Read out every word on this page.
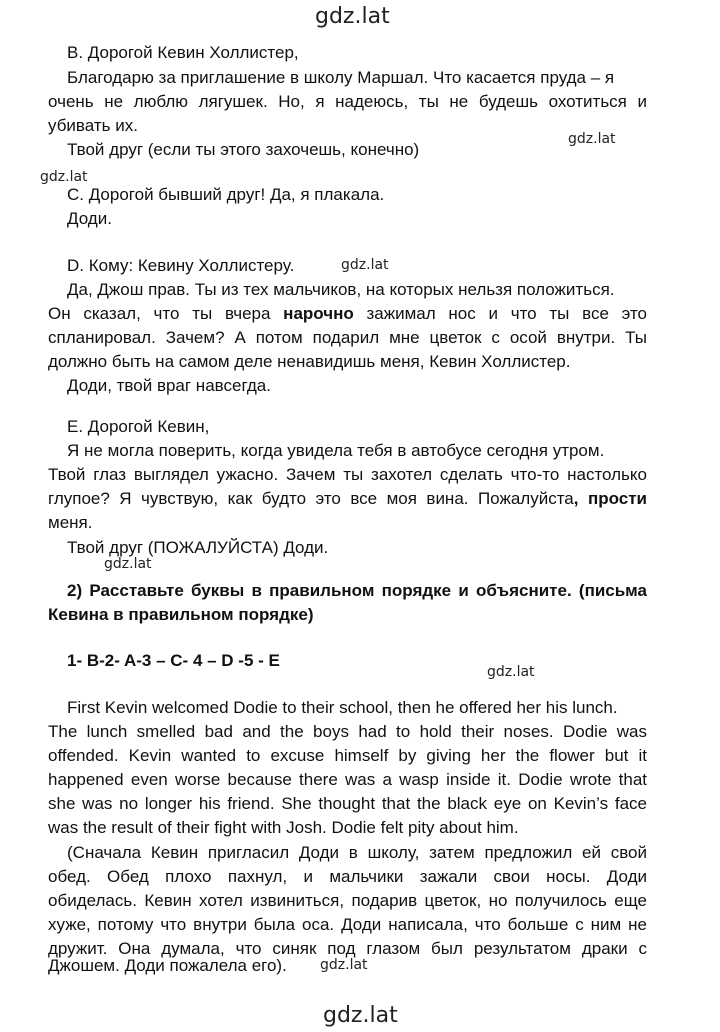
gdz.lat
gdz.lat
gdz.lat
gdz.lat
gdz.lat
gdz.lat
gdz.lat
gdz.lat
B. Дорогой Кевин Холлистер,
Благодарю за приглашение в школу Маршал. Что касается пруда – я
очень не люблю лягушек. Но, я надеюсь, ты не будешь охотиться и
убивать их.
Твой друг (если ты этого захочешь, конечно)
C. Дорогой бывший друг! Да, я плакала.
Доди.
D. Кому: Кевину Холлистеру.
Да, Джош прав. Ты из тех мальчиков, на которых нельзя положиться.
Он сказал, что ты вчера нарочно зажимал нос и что ты все это
спланировал. Зачем? А потом подарил мне цветок с осой внутри. Ты
должно быть на самом деле ненавидишь меня, Кевин Холлистер.
Доди, твой враг навсегда.
E. Дорогой Кевин,
Я не могла поверить, когда увидела тебя в автобусе сегодня утром.
Твой глаз выглядел ужасно. Зачем ты захотел сделать что-то настолько
глупое? Я чувствую, как будто это все моя вина. Пожалуйста, прости
меня.
Твой друг (ПОЖАЛУЙСТА) Доди.
2) Расставьте буквы в правильном порядке и объясните. (письма
Кевина в правильном порядке)
1- B-2- A-3 – C- 4 – D -5 - E
First Kevin welcomed Dodie to their school, then he offered her his lunch.
The lunch smelled bad and the boys had to hold their noses. Dodie was
offended. Kevin wanted to excuse himself by giving her the flower but it
happened even worse because there was a wasp inside it. Dodie wrote that
she was no longer his friend. She thought that the black eye on Kevin’s face
was the result of their fight with Josh. Dodie felt pity about him.
(Сначала Кевин пригласил Доди в школу, затем предложил ей свой
обед. Обед плохо пахнул, и мальчики зажали свои носы. Доди
обиделась. Кевин хотел извиниться, подарив цветок, но получилось еще
хуже, потому что внутри была оса. Доди написала, что больше с ним не
дружит. Она думала, что синяк под глазом был результатом драки с
Джошем. Доди пожалела его).
